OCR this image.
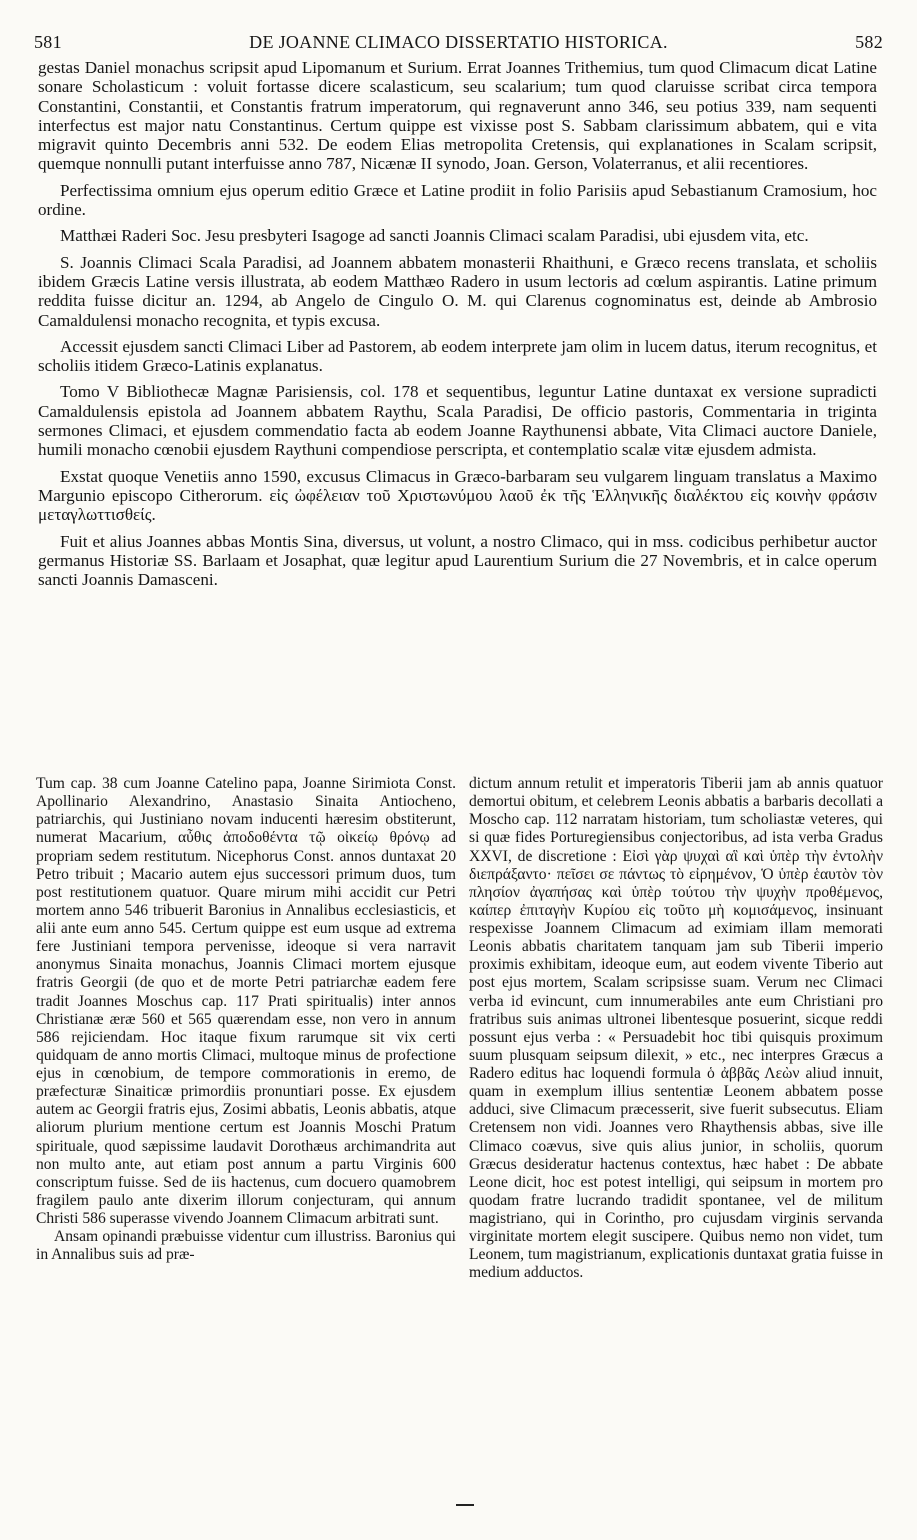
581	DE JOANNE CLIMACO DISSERTATIO HISTORICA.	582

gestas Daniel monachus scripsit apud Lipomanum et Surium. Errat Joannes Trithemius, tum quod Climacum dicat Latine sonare Scholasticum : voluit fortasse dicere scalasticum, seu scalarium; tum quod claruisse scribat circa tempora Constantini, Constantii, et Constantis fratrum imperatorum, qui regnaverunt anno 346, seu potius 339, nam sequenti interfectus est major natu Constantinus. Certum quippe est vixisse post S. Sabbam clarissimum abbatem, qui e vita migravit quinto Decembris anni 532. De eodem Elias metropolita Cretensis, qui explanationes in Scalam scripsit, quemque nonnulli putant interfuisse anno 787, Nicænæ II synodo, Joan. Gerson, Volaterranus, et alii recentiores.

Perfectissima omnium ejus operum editio Græce et Latine prodiit in folio Parisiis apud Sebastianum Cramosium, hoc ordine.

Matthæi Raderi Soc. Jesu presbyteri Isagoge ad sancti Joannis Climaci scalam Paradisi, ubi ejusdem vita, etc.

S. Joannis Climaci Scala Paradisi, ad Joannem abbatem monasterii Rhaithuni, e Græco recens translata, et scholiis ibidem Græcis Latine versis illustrata, ab eodem Matthæo Radero in usum lectoris ad cœlum aspirantis. Latine primum reddita fuisse dicitur an. 1294, ab Angelo de Cingulo O. M. qui Clarenus cognominatus est, deinde ab Ambrosio Camaldulensi monacho recognita, et typis excusa.

Accessit ejusdem sancti Climaci Liber ad Pastorem, ab eodem interprete jam olim in lucem datus, iterum recognitus, et scholiis itidem Græco-Latinis explanatus.

Tomo V Bibliothecæ Magnæ Parisiensis, col. 178 et sequentibus, leguntur Latine duntaxat ex versione supradicti Camaldulensis epistola ad Joannem abbatem Raythu, Scala Paradisi, De officio pastoris, Commentaria in triginta sermones Climaci, et ejusdem commendatio facta ab eodem Joanne Raythunensi abbate, Vita Climaci auctore Daniele, humili monacho cœnobii ejusdem Raythuni compendiose perscripta, et contemplatio scalæ vitæ ejusdem admista.

Exstat quoque Venetiis anno 1590, excusus Climacus in Græco-barbaram seu vulgarem linguam translatus a Maximo Margunio episcopo Citherorum. εἰς ὠφέλειαν τοῦ Χριστωνύμου λαοῦ ἐκ τῆς Ἑλληνικῆς διαλέκτου εἰς κοινὴν φράσιν μεταγλωττισθείς.

Fuit et alius Joannes abbas Montis Sina, diversus, ut volunt, a nostro Climaco, qui in mss. codicibus perhibetur auctor germanus Historiæ SS. Barlaam et Josaphat, quæ legitur apud Laurentium Surium die 27 Novembris, et in calce operum sancti Joannis Damasceni.

Tum cap. 38 cum Joanne Catelino papa, Joanne Sirimiota Const. Apollinario Alexandrino, Anastasio Sinaita Antiocheno, patriarchis, qui Justiniano novam inducenti hæresim obstiterunt, numerat Macarium, αὖθις ἀποδοθέντα τῷ οἰκείῳ θρόνῳ ad propriam sedem restitutum. Nicephorus Const. annos duntaxat 20 Petro tribuit ; Macario autem ejus successori primum duos, tum post restitutionem quatuor. Quare mirum mihi accidit cur Petri mortem anno 546 tribuerit Baronius in Annalibus ecclesiasticis, et alii ante eum anno 545. Certum quippe est eum usque ad extrema fere Justiniani tempora pervenisse, ideoque si vera narravit anonymus Sinaita monachus, Joannis Climaci mortem ejusque fratris Georgii (de quo et de morte Petri patriarchæ eadem fere tradit Joannes Moschus cap. 117 Prati spiritualis) inter annos Christianæ æræ 560 et 565 quærendam esse, non vero in annum 586 rejiciendam. Hoc itaque fixum rarumque sit vix certi quidquam de anno mortis Climaci, multoque minus de profectione ejus in cœnobium, de tempore commorationis in eremo, de præfecturæ Sinaiticæ primordiis pronuntiari posse. Ex ejusdem autem ac Georgii fratris ejus, Zosimi abbatis, Leonis abbatis, atque aliorum plurium mentione certum est Joannis Moschi Pratum spirituale, quod sæpissime laudavit Dorothæus archimandrita aut non multo ante, aut etiam post annum a partu Virginis 600 conscriptum fuisse. Sed de iis hactenus, cum docuero quamobrem fragilem paulo ante dixerim illorum conjecturam, qui annum Christi 586 superasse vivendo Joannem Climacum arbitrati sunt.

Ansam opinandi præbuisse videntur cum illustriss. Baronius qui in Annalibus suis ad præ-

dictum annum retulit et imperatoris Tiberii jam ab annis quatuor demortui obitum, et celebrem Leonis abbatis a barbaris decollati a Moscho cap. 112 narratam historiam, tum scholiastæ veteres, qui si quæ fides Porturegiensibus conjectoribus, ad ista verba Gradus XXVI, de discretione : Εἰσὶ γὰρ ψυχαὶ αἳ καὶ ὑπὲρ τὴν ἐντολὴν διεπράξαντο· πεῖσει σε πάντως τὸ εἰρημένον, Ὁ ὑπὲρ ἑαυτὸν τὸν πλησίον ἀγαπήσας καὶ ὑπὲρ τούτου τὴν ψυχὴν προθέμενος, καίπερ ἐπιταγὴν Κυρίου εἰς τοῦτο μὴ κομισάμενος, insinuant respexisse Joannem Climacum ad eximiam illam memorati Leonis abbatis charitatem tanquam jam sub Tiberii imperio proximis exhibitam, ideoque eum, aut eodem vivente Tiberio aut post ejus mortem, Scalam scripsisse suam. Verum nec Climaci verba id evincunt, cum innumerabiles ante eum Christiani pro fratribus suis animas ultronei libentesque posuerint, sicque reddi possunt ejus verba : « Persuadebit hoc tibi quisquis proximum suum plusquam seipsum dilexit, » etc., nec interpres Græcus a Radero editus hac loquendi formula ὁ ἀββᾶς Λεὼν aliud innuit, quam in exemplum illius sententiæ Leonem abbatem posse adduci, sive Climacum præcesserit, sive fuerit subsecutus. Eliam Cretensem non vidi. Joannes vero Rhaythensis abbas, sive ille Climaco coævus, sive quis alius junior, in scholiis, quorum Græcus desideratur hactenus contextus, hæc habet : De abbate Leone dicit, hoc est potest intelligi, qui seipsum in mortem pro quodam fratre lucrando tradidit spontanee, vel de militum magistriano, qui in Corintho, pro cujusdam virginis servanda virginitate mortem elegit suscipere. Quibus nemo non videt, tum Leonem, tum magistrianum, explicationis duntaxat gratia fuisse in medium adductos.
